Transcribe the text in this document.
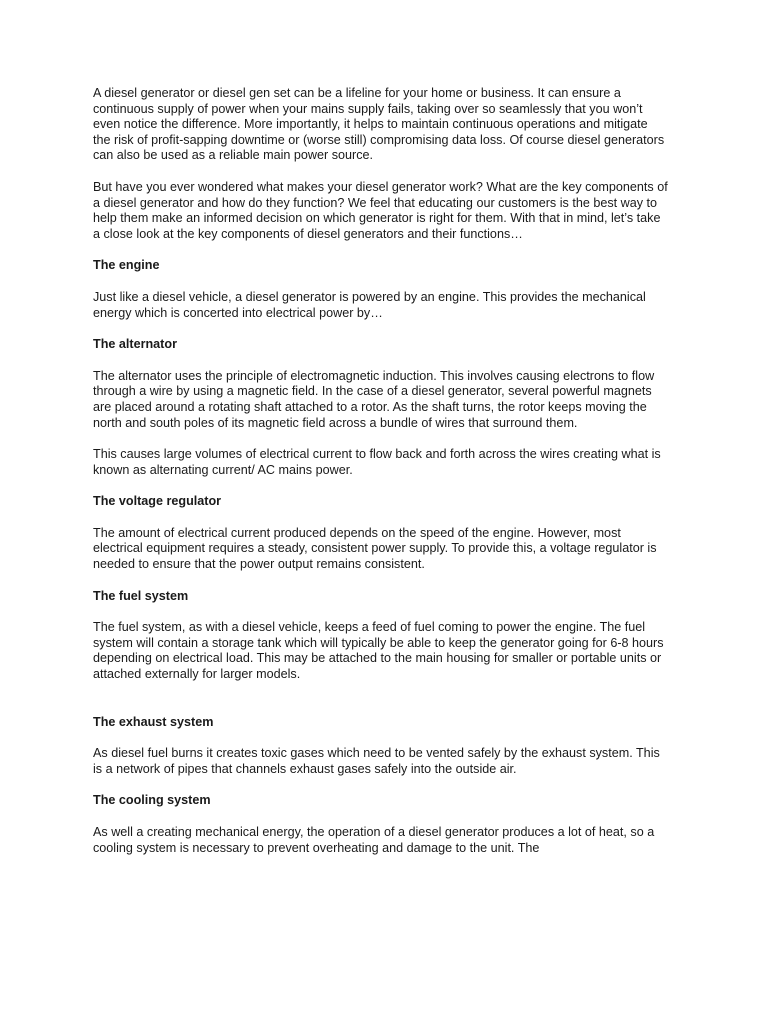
A diesel generator or diesel gen set can be a lifeline for your home or business. It can ensure a continuous supply of power when your mains supply fails, taking over so seamlessly that you won’t even notice the difference. More importantly, it helps to maintain continuous operations and mitigate the risk of profit-sapping downtime or (worse still) compromising data loss. Of course diesel generators can also be used as a reliable main power source.

But have you ever wondered what makes your diesel generator work? What are the key components of a diesel generator and how do they function? We feel that educating our customers is the best way to help them make an informed decision on which generator is right for them. With that in mind, let’s take a close look at the key components of diesel generators and their functions…

The engine

Just like a diesel vehicle, a diesel generator is powered by an engine. This provides the mechanical energy which is concerted into electrical power by…

The alternator

The alternator uses the principle of electromagnetic induction. This involves causing electrons to flow through a wire by using a magnetic field. In the case of a diesel generator, several powerful magnets are placed around a rotating shaft attached to a rotor. As the shaft turns, the rotor keeps moving the north and south poles of its magnetic field across a bundle of wires that surround them.

This causes large volumes of electrical current to flow back and forth across the wires creating what is known as alternating current/ AC mains power.

The voltage regulator

The amount of electrical current produced depends on the speed of the engine. However, most electrical equipment requires a steady, consistent power supply. To provide this, a voltage regulator is needed to ensure that the power output remains consistent.

The fuel system

The fuel system, as with a diesel vehicle, keeps a feed of fuel coming to power the engine. The fuel system will contain a storage tank which will typically be able to keep the generator going for 6-8 hours depending on electrical load. This may be attached to the main housing for smaller or portable units or attached externally for larger models.

The exhaust system

As diesel fuel burns it creates toxic gases which need to be vented safely by the exhaust system. This is a network of pipes that channels exhaust gases safely into the outside air.

The cooling system

As well a creating mechanical energy, the operation of a diesel generator produces a lot of heat, so a cooling system is necessary to prevent overheating and damage to the unit. The
